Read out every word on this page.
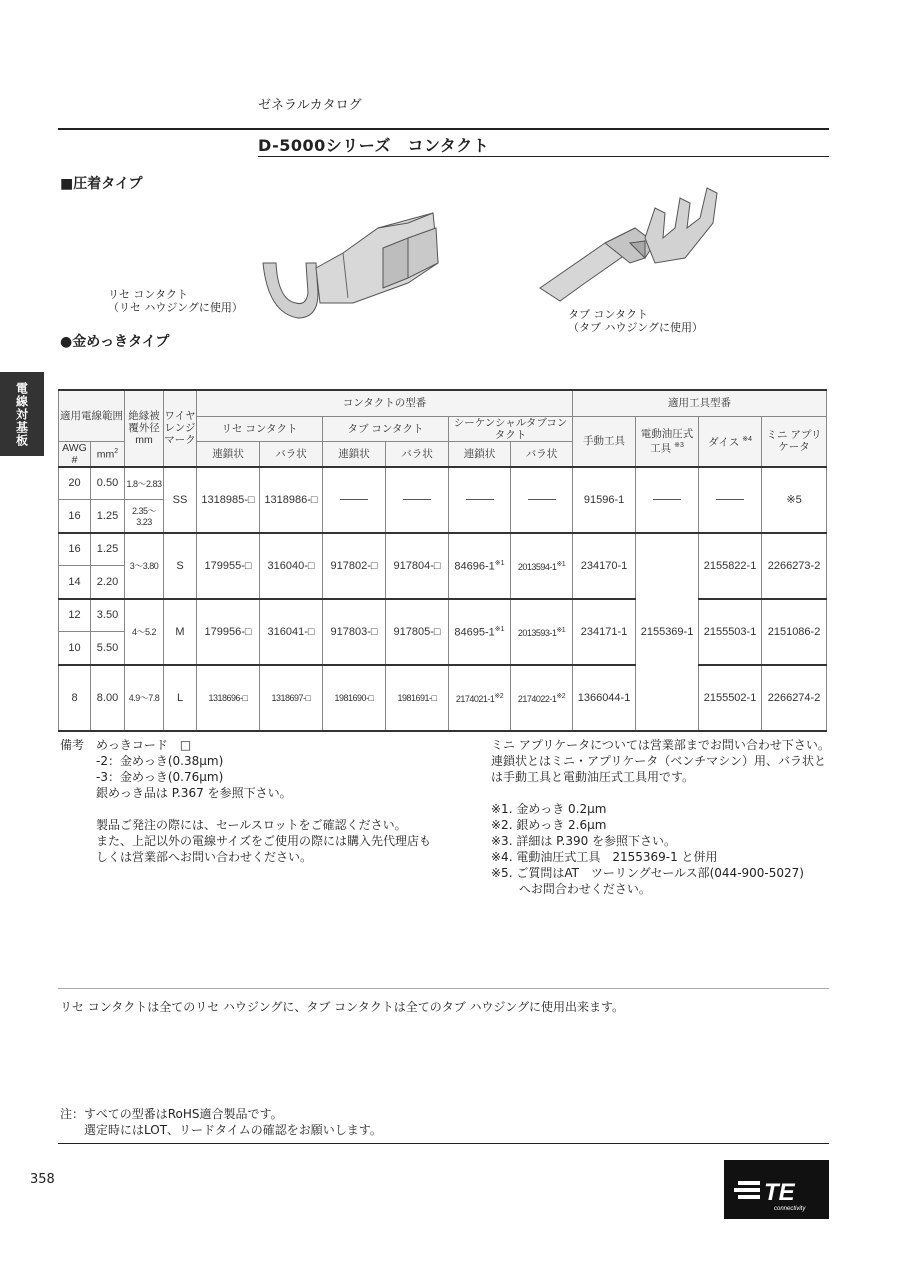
ゼネラルカタログ
D-5000シリーズ　コンタクト
■圧着タイプ
リセ コンタクト
（リセ ハウジングに使用）
タブ コンタクト
（タブ ハウジングに使用）
●金めっきタイプ
電線対基板	適用電線範囲		絶縁被覆外径mm	ワイヤレンジマーク	コンタクトの型番						適用工具型番			
				リセ コンタクト		タブ コンタクト		シーケンシャルタブコンタクト		手動工具	電動油圧式工具 $^{※3}$	ダイス $^{※4}$	ミニ アプリケータ
AWG #	$mm^2$			連鎖状	バラ状	連鎖状	バラ状	連鎖状	バラ状				
20	0.50	1.8～2.83	SS	1318985-□	1318986-□					91596-1			※5
16	1.25	2.35～3.23											
16	1.25	3～3.80	S	179955-□	316040-□	917802-□	917804-□	84696-1$^{※1}$	2013594-1$^{※1}$	234170-1	2155369-1	2155822-1	2266273-2
14	2.20												
12	3.50	4～5.2	M	179956-□	316041-□	917803-□	917805-□	84695-1$^{※1}$	2013593-1$^{※1}$	234171-1		2155503-1	2151086-2
10	5.50												
8	8.00	4.9～7.8	L	1318696-□	1318697-□	1981690-□	1981691-□	2174021-1$^{※2}$	2174022-1$^{※2}$	1366044-1		2155502-1	2266274-2
備考　めっきコード　□
　　　-2：金めっき(0.38μm)
　　　-3：金めっき(0.76μm)
　　　銀めっき品は P.367 を参照下さい。
　　　製品ご発注の際には、セールスロットをご確認ください。
　　　また、上記以外の電線サイズをご使用の際には購入先代理店も
　　　しくは営業部へお問い合わせください。
ミニ アプリケータについては営業部までお問い合わせ下さい。
連鎖状とはミニ・アプリケータ（ベンチマシン）用、バラ状とは手動工具と電動油圧式工具用です。
※1. 金めっき 0.2μm
※2. 銀めっき 2.6μm
※3. 詳細は P.390 を参照下さい。
※4. 電動油圧式工具　2155369-1 と併用
※5. ご質問はAT　ツーリングセールス部(044-900-5027)
　　 へお問合わせください。
リセ コンタクトは全てのリセ ハウジングに、タブ コンタクトは全てのタブ ハウジングに使用出来ます。
注：すべての型番はRoHS適合製品です。
　　選定時にはLOT、リードタイムの確認をお願いします。
358	TE
connectivity
